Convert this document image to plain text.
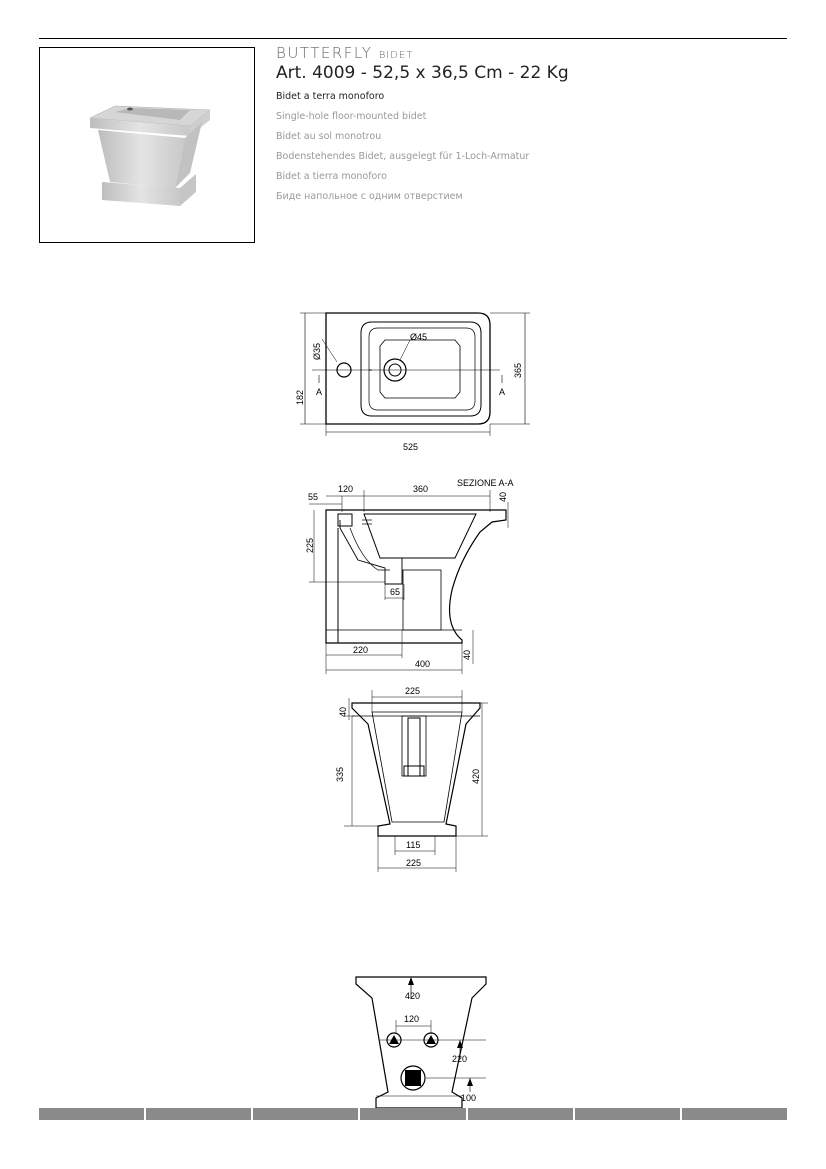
BUTTERFLY BIDET
Art. 4009 - 52,5 x 36,5 Cm - 22 Kg
Bidet a terra monoforo
Single-hole floor-mounted bidet
Bidet au sol monotrou
Bodenstehendes Bidet, ausgelegt für 1-Loch-Armatur
Bidet a tierra monoforo
Биде напольное с одним отверстием
525
365
182
Ø35
Ø45
A	A
SEZIONE A-A
55
120	360
40
225
65
220
400
40
225
40
335	420
115
225
420
120
220
100
